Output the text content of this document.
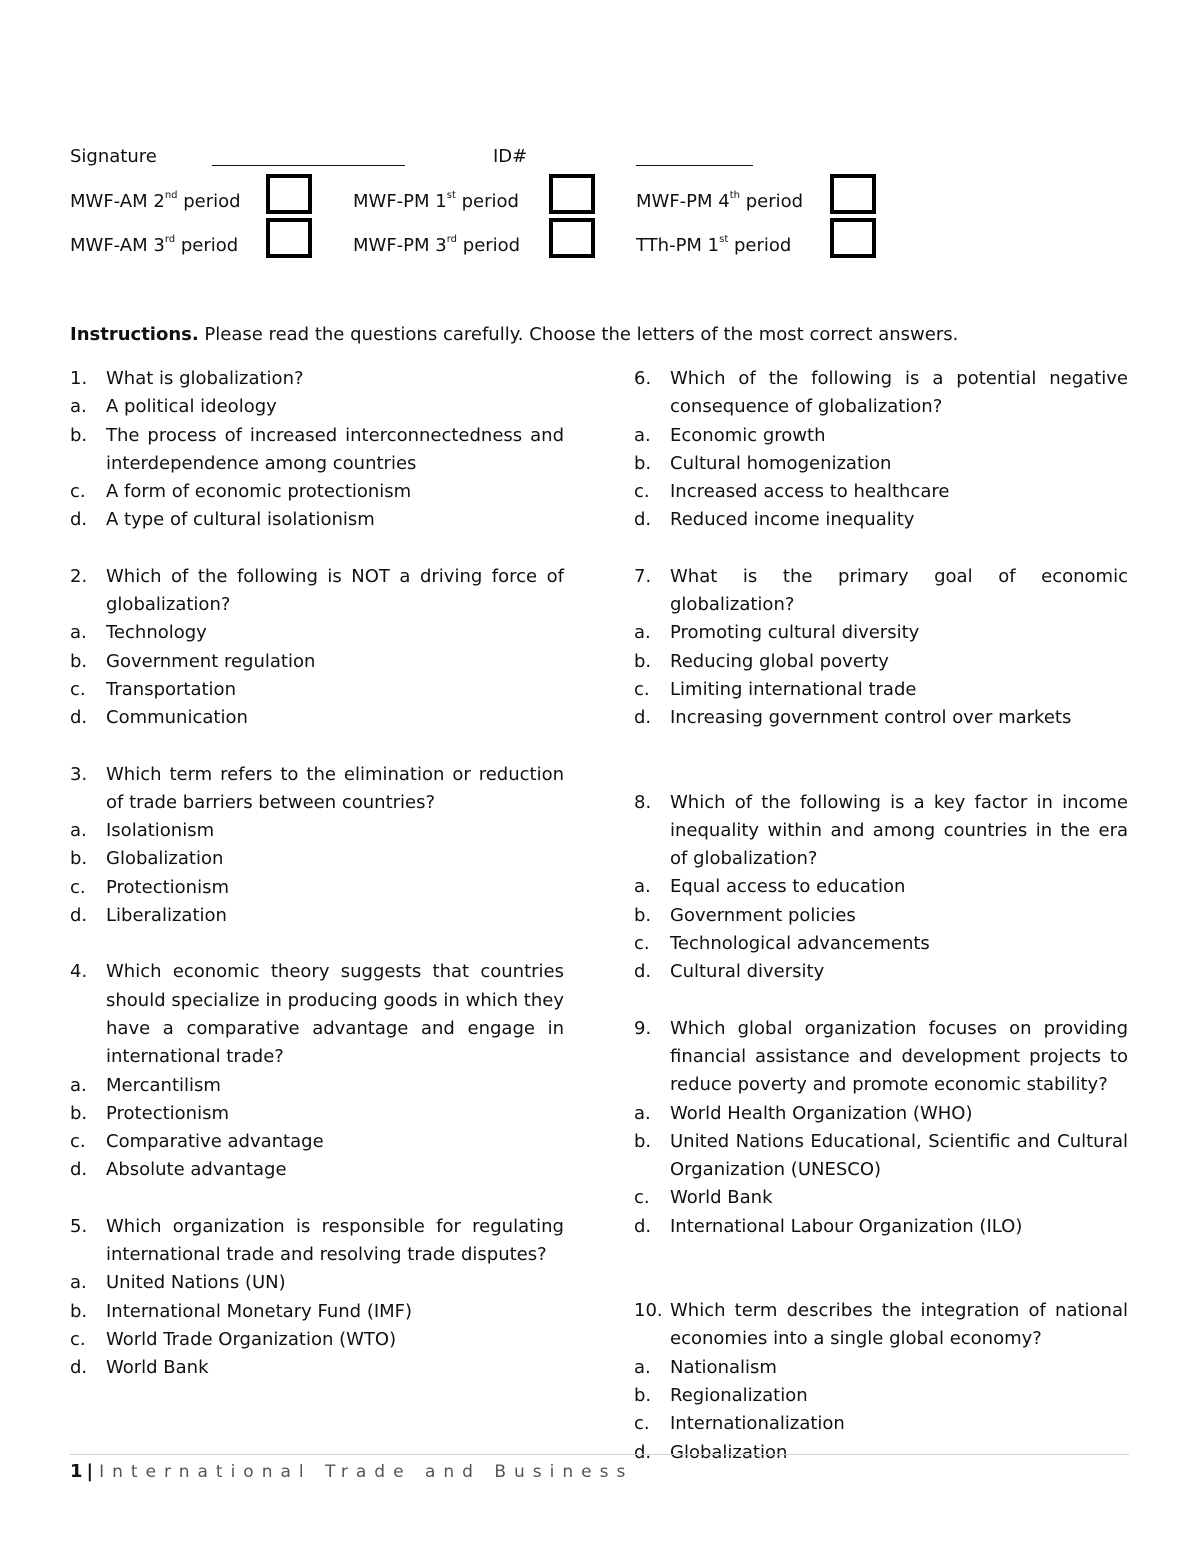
Signature	ID#
MWF-AM 2nd period	MWF-PM 1st period	MWF-PM 4th period
MWF-AM 3rd period	MWF-PM 3rd period	TTh-PM 1st period
Instructions. Please read the questions carefully. Choose the letters of the most correct answers.
1.	What is globalization?
a.	A political ideology
b.	The process of increased interconnectedness and interdependence among countries
c.	A form of economic protectionism
d.	A type of cultural isolationism
2.	Which of the following is NOT a driving force of globalization?
a.	Technology
b.	Government regulation
c.	Transportation
d.	Communication
3.	Which term refers to the elimination or reduction of trade barriers between countries?
a.	Isolationism
b.	Globalization
c.	Protectionism
d.	Liberalization
4.	Which economic theory suggests that countries should specialize in producing goods in which they have a comparative advantage and engage in international trade?
a.	Mercantilism
b.	Protectionism
c.	Comparative advantage
d.	Absolute advantage
5.	Which organization is responsible for regulating international trade and resolving trade disputes?
a.	United Nations (UN)
b.	International Monetary Fund (IMF)
c.	World Trade Organization (WTO)
d.	World Bank
6.	Which of the following is a potential negative consequence of globalization?
a.	Economic growth
b.	Cultural homogenization
c.	Increased access to healthcare
d.	Reduced income inequality
7.	What is the primary goal of economic globalization?
a.	Promoting cultural diversity
b.	Reducing global poverty
c.	Limiting international trade
d.	Increasing government control over markets
8.	Which of the following is a key factor in income inequality within and among countries in the era of globalization?
a.	Equal access to education
b.	Government policies
c.	Technological advancements
d.	Cultural diversity
9.	Which global organization focuses on providing financial assistance and development projects to reduce poverty and promote economic stability?
a.	World Health Organization (WHO)
b.	United Nations Educational, Scientific and Cultural Organization (UNESCO)
c.	World Bank
d.	International Labour Organization (ILO)
10. Which term describes the integration of national economies into a single global economy?
a.	Nationalism
b.	Regionalization
c.	Internationalization
d.	Globalization
1 | International Trade and Business
